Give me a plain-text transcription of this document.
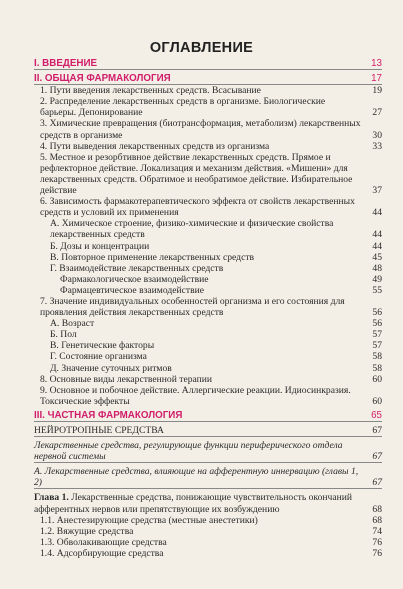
ОГЛАВЛЕНИЕ
I. ВВЕДЕНИЕ	13
II. ОБЩАЯ ФАРМАКОЛОГИЯ	17
1. Пути введения лекарственных средств. Всасывание	19
2. Распределение лекарственных средств в организме. Биологические барьеры. Депонирование	27
3. Химические превращения (биотрансформация, метаболизм) лекарственных средств в организме	30
4. Пути выведения лекарственных средств из организма	33
5. Местное и резорбтивное действие лекарственных средств. Прямое и рефлекторное действие. Локализация и механизм действия. «Мишени» для лекарственных средств. Обратимое и необратимое действие. Избирательное действие	37
6. Зависимость фармакотерапевтического эффекта от свойств лекарственных средств и условий их применения	44
А. Химическое строение, физико-химические и физические свойства лекарственных средств	44
Б. Дозы и концентрации	44
В. Повторное применение лекарственных средств	45
Г. Взаимодействие лекарственных средств	48
Фармакологическое взаимодействие	49
Фармацевтическое взаимодействие	55
7. Значение индивидуальных особенностей организма и его состояния для проявления действия лекарственных средств	56
А. Возраст	56
Б. Пол	57
В. Генетические факторы	57
Г. Состояние организма	58
Д. Значение суточных ритмов	58
8. Основные виды лекарственной терапии	60
9. Основное и побочное действие. Аллергические реакции. Идиосинкразия. Токсические эффекты	60
III. ЧАСТНАЯ ФАРМАКОЛОГИЯ	65
НЕЙРОТРОПНЫЕ СРЕДСТВА	67
Лекарственные средства, регулирующие функции периферического отдела нервной системы	67
А. Лекарственные средства, влияющие на афферентную иннервацию (главы 1, 2)	67
Глава 1. Лекарственные средства, понижающие чувствительность окончаний афферентных нервов или препятствующие их возбуждению	68
1.1. Анестезирующие средства (местные анестетики)	68
1.2. Вяжущие средства	74
1.3. Обволакивающие средства	76
1.4. Адсорбирующие средства	76
